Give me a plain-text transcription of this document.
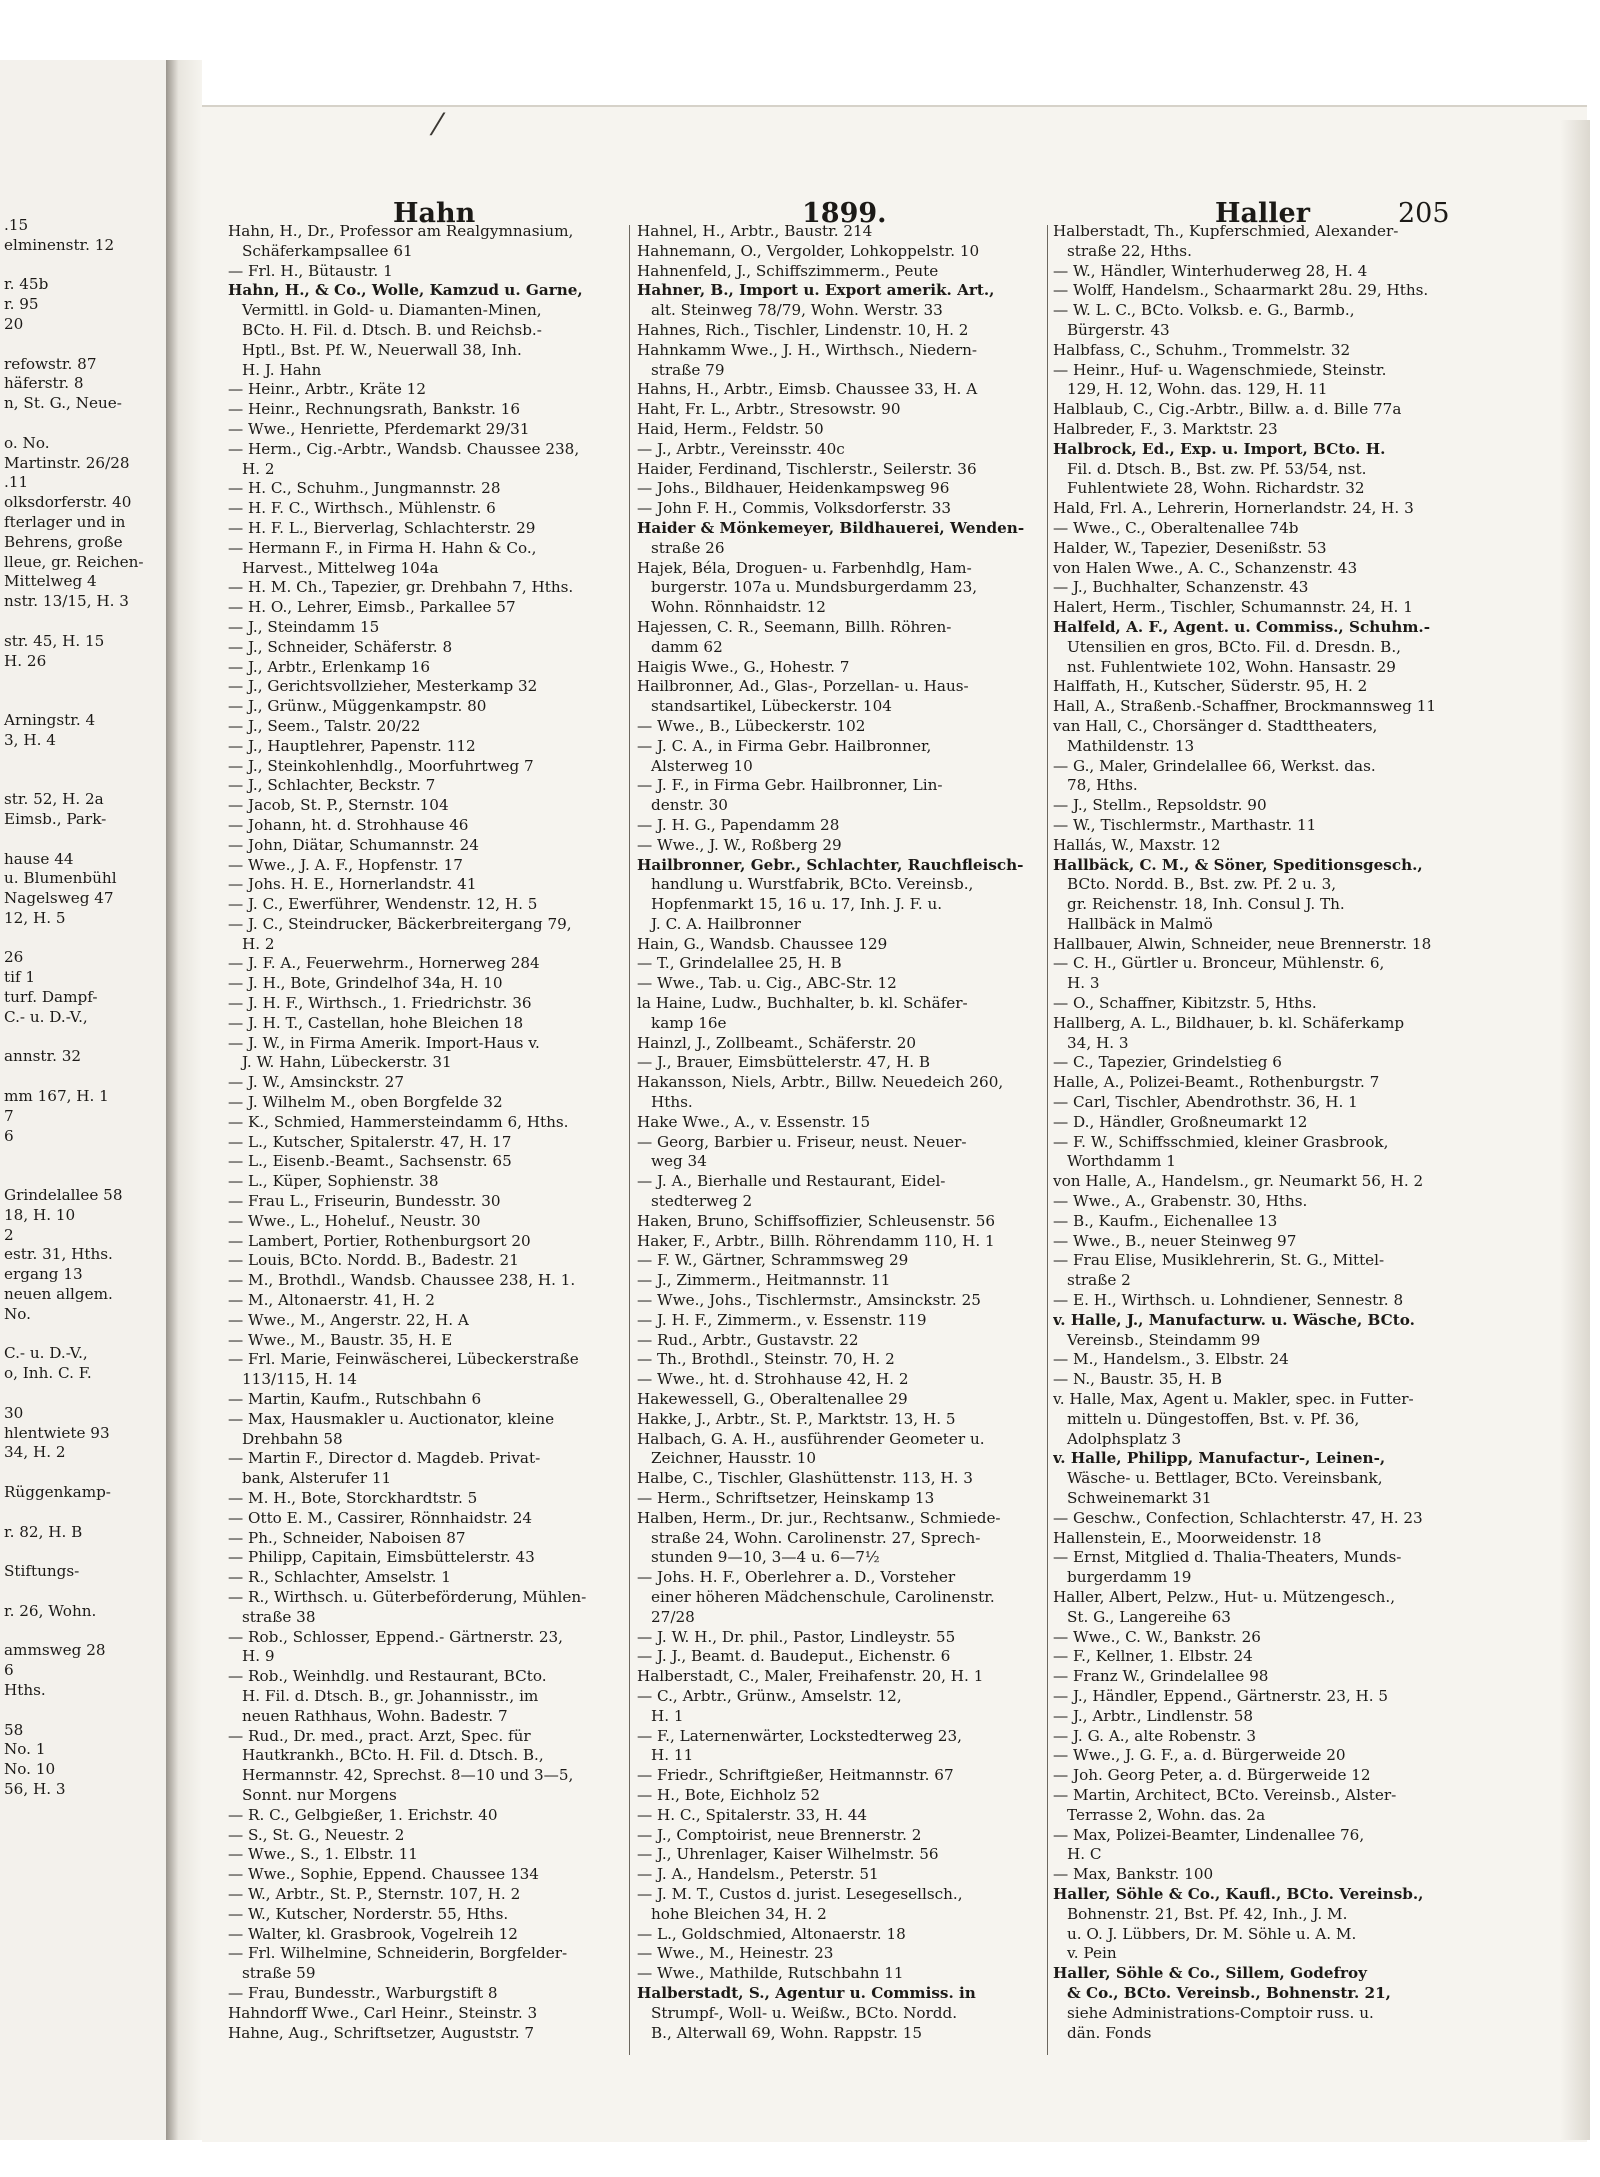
.15
elminenstr. 12

r. 45b
r. 95
20

refowstr. 87
häferstr. 8
n, St. G., Neue-

o. No.
Martinstr. 26/28
.11
olksdorferstr. 40
fterlager und in
Behrens, große
lleue, gr. Reichen-
Mittelweg 4
nstr. 13/15, H. 3

str. 45, H. 15
H. 26

Arningstr. 4
3, H. 4

str. 52, H. 2a
Eimsb., Park-

hause 44
u. Blumenbühl
Nagelsweg 47
12, H. 5

26
tif 1
turf. Dampf-
C.- u. D.-V.,

annstr. 32

mm 167, H. 1
7
6

Grindelallee 58
18, H. 10
2
estr. 31, Hths.
ergang 13
neuen allgem.
No.

C.- u. D.-V.,
o, Inh. C. F.

30
hlentwiete 93
34, H. 2

Rüggenkamp-

r. 82, H. B

Stiftungs-

r. 26, Wohn.

ammsweg 28
6
Hths.

58
No. 1
No. 10
56, H. 3
⁄
Hahn	1899.	Haller	205
Hahn, H., Dr., Professor am Realgymnasium,
Schäferkampsallee 61
— Frl. H., Bütaustr. 1
Hahn, H., & Co., Wolle, Kamzud u. Garne,
Vermittl. in Gold- u. Diamanten-Minen,
BCto. H. Fil. d. Dtsch. B. und Reichsb.-
Hptl., Bst. Pf. W., Neuerwall 38, Inh.
H. J. Hahn
— Heinr., Arbtr., Kräte 12
— Heinr., Rechnungsrath, Bankstr. 16
— Wwe., Henriette, Pferdemarkt 29/31
— Herm., Cig.-Arbtr., Wandsb. Chaussee 238,
H. 2
— H. C., Schuhm., Jungmannstr. 28
— H. F. C., Wirthsch., Mühlenstr. 6
— H. F. L., Bierverlag, Schlachterstr. 29
— Hermann F., in Firma H. Hahn & Co.,
Harvest., Mittelweg 104a
— H. M. Ch., Tapezier, gr. Drehbahn 7, Hths.
— H. O., Lehrer, Eimsb., Parkallee 57
— J., Steindamm 15
— J., Schneider, Schäferstr. 8
— J., Arbtr., Erlenkamp 16
— J., Gerichtsvollzieher, Mesterkamp 32
— J., Grünw., Müggenkampstr. 80
— J., Seem., Talstr. 20/22
— J., Hauptlehrer, Papenstr. 112
— J., Steinkohlenhdlg., Moorfuhrtweg 7
— J., Schlachter, Beckstr. 7
— Jacob, St. P., Sternstr. 104
— Johann, ht. d. Strohhause 46
— John, Diätar, Schumannstr. 24
— Wwe., J. A. F., Hopfenstr. 17
— Johs. H. E., Hornerlandstr. 41
— J. C., Ewerführer, Wendenstr. 12, H. 5
— J. C., Steindrucker, Bäckerbreitergang 79,
H. 2
— J. F. A., Feuerwehrm., Hornerweg 284
— J. H., Bote, Grindelhof 34a, H. 10
— J. H. F., Wirthsch., 1. Friedrichstr. 36
— J. H. T., Castellan, hohe Bleichen 18
— J. W., in Firma Amerik. Import-Haus v.
J. W. Hahn, Lübeckerstr. 31
— J. W., Amsinckstr. 27
— J. Wilhelm M., oben Borgfelde 32
— K., Schmied, Hammersteindamm 6, Hths.
— L., Kutscher, Spitalerstr. 47, H. 17
— L., Eisenb.-Beamt., Sachsenstr. 65
— L., Küper, Sophienstr. 38
— Frau L., Friseurin, Bundesstr. 30
— Wwe., L., Hoheluf., Neustr. 30
— Lambert, Portier, Rothenburgsort 20
— Louis, BCto. Nordd. B., Badestr. 21
— M., Brothdl., Wandsb. Chaussee 238, H. 1.
— M., Altonaerstr. 41, H. 2
— Wwe., M., Angerstr. 22, H. A
— Wwe., M., Baustr. 35, H. E
— Frl. Marie, Feinwäscherei, Lübeckerstraße
113/115, H. 14
— Martin, Kaufm., Rutschbahn 6
— Max, Hausmakler u. Auctionator, kleine
Drehbahn 58
— Martin F., Director d. Magdeb. Privat-
bank, Alsterufer 11
— M. H., Bote, Storckhardtstr. 5
— Otto E. M., Cassirer, Rönnhaidstr. 24
— Ph., Schneider, Naboisen 87
— Philipp, Capitain, Eimsbüttelerstr. 43
— R., Schlachter, Amselstr. 1
— R., Wirthsch. u. Güterbeförderung, Mühlen-
straße 38
— Rob., Schlosser, Eppend.- Gärtnerstr. 23,
H. 9
— Rob., Weinhdlg. und Restaurant, BCto.
H. Fil. d. Dtsch. B., gr. Johannisstr., im
neuen Rathhaus, Wohn. Badestr. 7
— Rud., Dr. med., pract. Arzt, Spec. für
Hautkrankh., BCto. H. Fil. d. Dtsch. B.,
Hermannstr. 42, Sprechst. 8—10 und 3—5,
Sonnt. nur Morgens
— R. C., Gelbgießer, 1. Erichstr. 40
— S., St. G., Neuestr. 2
— Wwe., S., 1. Elbstr. 11
— Wwe., Sophie, Eppend. Chaussee 134
— W., Arbtr., St. P., Sternstr. 107, H. 2
— W., Kutscher, Norderstr. 55, Hths.
— Walter, kl. Grasbrook, Vogelreih 12
— Frl. Wilhelmine, Schneiderin, Borgfelder-
straße 59
— Frau, Bundesstr., Warburgstift 8
Hahndorff Wwe., Carl Heinr., Steinstr. 3
Hahne, Aug., Schriftsetzer, Auguststr. 7
Hahnel, H., Arbtr., Baustr. 214
Hahnemann, O., Vergolder, Lohkoppelstr. 10
Hahnenfeld, J., Schiffszimmerm., Peute
Hahner, B., Import u. Export amerik. Art.,
alt. Steinweg 78/79, Wohn. Werstr. 33
Hahnes, Rich., Tischler, Lindenstr. 10, H. 2
Hahnkamm Wwe., J. H., Wirthsch., Niedern-
straße 79
Hahns, H., Arbtr., Eimsb. Chaussee 33, H. A
Haht, Fr. L., Arbtr., Stresowstr. 90
Haid, Herm., Feldstr. 50
— J., Arbtr., Vereinsstr. 40c
Haider, Ferdinand, Tischlerstr., Seilerstr. 36
— Johs., Bildhauer, Heidenkampsweg 96
— John F. H., Commis, Volksdorferstr. 33
Haider & Mönkemeyer, Bildhauerei, Wenden-
straße 26
Hajek, Béla, Droguen- u. Farbenhdlg, Ham-
burgerstr. 107a u. Mundsburgerdamm 23,
Wohn. Rönnhaidstr. 12
Hajessen, C. R., Seemann, Billh. Röhren-
damm 62
Haigis Wwe., G., Hohestr. 7
Hailbronner, Ad., Glas-, Porzellan- u. Haus-
standsartikel, Lübeckerstr. 104
— Wwe., B., Lübeckerstr. 102
— J. C. A., in Firma Gebr. Hailbronner,
Alsterweg 10
— J. F., in Firma Gebr. Hailbronner, Lin-
denstr. 30
— J. H. G., Papendamm 28
— Wwe., J. W., Roßberg 29
Hailbronner, Gebr., Schlachter, Rauchfleisch-
handlung u. Wurstfabrik, BCto. Vereinsb.,
Hopfenmarkt 15, 16 u. 17, Inh. J. F. u.
J. C. A. Hailbronner
Hain, G., Wandsb. Chaussee 129
— T., Grindelallee 25, H. B
— Wwe., Tab. u. Cig., ABC-Str. 12
la Haine, Ludw., Buchhalter, b. kl. Schäfer-
kamp 16e
Hainzl, J., Zollbeamt., Schäferstr. 20
— J., Brauer, Eimsbüttelerstr. 47, H. B
Hakansson, Niels, Arbtr., Billw. Neuedeich 260,
Hths.
Hake Wwe., A., v. Essenstr. 15
— Georg, Barbier u. Friseur, neust. Neuer-
weg 34
— J. A., Bierhalle und Restaurant, Eidel-
stedterweg 2
Haken, Bruno, Schiffsoffizier, Schleusenstr. 56
Haker, F., Arbtr., Billh. Röhrendamm 110, H. 1
— F. W., Gärtner, Schrammsweg 29
— J., Zimmerm., Heitmannstr. 11
— Wwe., Johs., Tischlermstr., Amsinckstr. 25
— J. H. F., Zimmerm., v. Essenstr. 119
— Rud., Arbtr., Gustavstr. 22
— Th., Brothdl., Steinstr. 70, H. 2
— Wwe., ht. d. Strohhause 42, H. 2
Hakewessell, G., Oberaltenallee 29
Hakke, J., Arbtr., St. P., Marktstr. 13, H. 5
Halbach, G. A. H., ausführender Geometer u.
Zeichner, Hausstr. 10
Halbe, C., Tischler, Glashüttenstr. 113, H. 3
— Herm., Schriftsetzer, Heinskamp 13
Halben, Herm., Dr. jur., Rechtsanw., Schmiede-
straße 24, Wohn. Carolinenstr. 27, Sprech-
stunden 9—10, 3—4 u. 6—7½
— Johs. H. F., Oberlehrer a. D., Vorsteher
einer höheren Mädchenschule, Carolinenstr.
27/28
— J. W. H., Dr. phil., Pastor, Lindleystr. 55
— J. J., Beamt. d. Baudeput., Eichenstr. 6
Halberstadt, C., Maler, Freihafenstr. 20, H. 1
— C., Arbtr., Grünw., Amselstr. 12,
H. 1
— F., Laternenwärter, Lockstedterweg 23,
H. 11
— Friedr., Schriftgießer, Heitmannstr. 67
— H., Bote, Eichholz 52
— H. C., Spitalerstr. 33, H. 44
— J., Comptoirist, neue Brennerstr. 2
— J., Uhrenlager, Kaiser Wilhelmstr. 56
— J. A., Handelsm., Peterstr. 51
— J. M. T., Custos d. jurist. Lesegesellsch.,
hohe Bleichen 34, H. 2
— L., Goldschmied, Altonaerstr. 18
— Wwe., M., Heinestr. 23
— Wwe., Mathilde, Rutschbahn 11
Halberstadt, S., Agentur u. Commiss. in
Strumpf-, Woll- u. Weißw., BCto. Nordd.
B., Alterwall 69, Wohn. Rappstr. 15
Halberstadt, Th., Kupferschmied, Alexander-
straße 22, Hths.
— W., Händler, Winterhuderweg 28, H. 4
— Wolff, Handelsm., Schaarmarkt 28u. 29, Hths.
— W. L. C., BCto. Volksb. e. G., Barmb.,
Bürgerstr. 43
Halbfass, C., Schuhm., Trommelstr. 32
— Heinr., Huf- u. Wagenschmiede, Steinstr.
129, H. 12, Wohn. das. 129, H. 11
Halblaub, C., Cig.-Arbtr., Billw. a. d. Bille 77a
Halbreder, F., 3. Marktstr. 23
Halbrock, Ed., Exp. u. Import, BCto. H.
Fil. d. Dtsch. B., Bst. zw. Pf. 53/54, nst.
Fuhlentwiete 28, Wohn. Richardstr. 32
Hald, Frl. A., Lehrerin, Hornerlandstr. 24, H. 3
— Wwe., C., Oberaltenallee 74b
Halder, W., Tapezier, Desenißstr. 53
von Halen Wwe., A. C., Schanzenstr. 43
— J., Buchhalter, Schanzenstr. 43
Halert, Herm., Tischler, Schumannstr. 24, H. 1
Halfeld, A. F., Agent. u. Commiss., Schuhm.-
Utensilien en gros, BCto. Fil. d. Dresdn. B.,
nst. Fuhlentwiete 102, Wohn. Hansastr. 29
Halffath, H., Kutscher, Süderstr. 95, H. 2
Hall, A., Straßenb.-Schaffner, Brockmannsweg 11
van Hall, C., Chorsänger d. Stadttheaters,
Mathildenstr. 13
— G., Maler, Grindelallee 66, Werkst. das.
78, Hths.
— J., Stellm., Repsoldstr. 90
— W., Tischlermstr., Marthastr. 11
Hallás, W., Maxstr. 12
Hallbäck, C. M., & Söner, Speditionsgesch.,
BCto. Nordd. B., Bst. zw. Pf. 2 u. 3,
gr. Reichenstr. 18, Inh. Consul J. Th.
Hallbäck in Malmö
Hallbauer, Alwin, Schneider, neue Brennerstr. 18
— C. H., Gürtler u. Bronceur, Mühlenstr. 6,
H. 3
— O., Schaffner, Kibitzstr. 5, Hths.
Hallberg, A. L., Bildhauer, b. kl. Schäferkamp
34, H. 3
— C., Tapezier, Grindelstieg 6
Halle, A., Polizei-Beamt., Rothenburgstr. 7
— Carl, Tischler, Abendrothstr. 36, H. 1
— D., Händler, Großneumarkt 12
— F. W., Schiffsschmied, kleiner Grasbrook,
Worthdamm 1
von Halle, A., Handelsm., gr. Neumarkt 56, H. 2
— Wwe., A., Grabenstr. 30, Hths.
— B., Kaufm., Eichenallee 13
— Wwe., B., neuer Steinweg 97
— Frau Elise, Musiklehrerin, St. G., Mittel-
straße 2
— E. H., Wirthsch. u. Lohndiener, Sennestr. 8
v. Halle, J., Manufacturw. u. Wäsche, BCto.
Vereinsb., Steindamm 99
— M., Handelsm., 3. Elbstr. 24
— N., Baustr. 35, H. B
v. Halle, Max, Agent u. Makler, spec. in Futter-
mitteln u. Düngestoffen, Bst. v. Pf. 36,
Adolphsplatz 3
v. Halle, Philipp, Manufactur-, Leinen-,
Wäsche- u. Bettlager, BCto. Vereinsbank,
Schweinemarkt 31
— Geschw., Confection, Schlachterstr. 47, H. 23
Hallenstein, E., Moorweidenstr. 18
— Ernst, Mitglied d. Thalia-Theaters, Munds-
burgerdamm 19
Haller, Albert, Pelzw., Hut- u. Mützengesch.,
St. G., Langereihe 63
— Wwe., C. W., Bankstr. 26
— F., Kellner, 1. Elbstr. 24
— Franz W., Grindelallee 98
— J., Händler, Eppend., Gärtnerstr. 23, H. 5
— J., Arbtr., Lindlenstr. 58
— J. G. A., alte Robenstr. 3
— Wwe., J. G. F., a. d. Bürgerweide 20
— Joh. Georg Peter, a. d. Bürgerweide 12
— Martin, Architect, BCto. Vereinsb., Alster-
Terrasse 2, Wohn. das. 2a
— Max, Polizei-Beamter, Lindenallee 76,
H. C
— Max, Bankstr. 100
Haller, Söhle & Co., Kaufl., BCto. Vereinsb.,
Bohnenstr. 21, Bst. Pf. 42, Inh., J. M.
u. O. J. Lübbers, Dr. M. Söhle u. A. M.
v. Pein
Haller, Söhle & Co., Sillem, Godefroy
& Co., BCto. Vereinsb., Bohnenstr. 21,
siehe Administrations-Comptoir russ. u.
dän. Fonds
